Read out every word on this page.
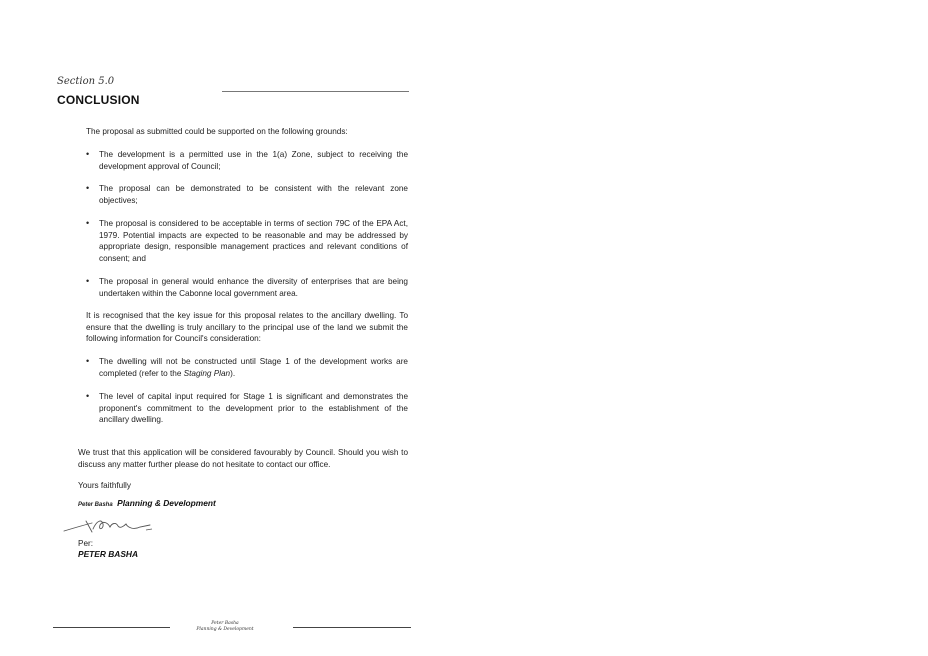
Section 5.0
CONCLUSION
The proposal as submitted could be supported on the following grounds:
•	The development is a permitted use in the 1(a) Zone, subject to receiving the development approval of Council;
•	The proposal can be demonstrated to be consistent with the relevant zone objectives;
•	The proposal is considered to be acceptable in terms of section 79C of the EPA Act, 1979. Potential impacts are expected to be reasonable and may be addressed by appropriate design, responsible management practices and relevant conditions of consent; and
•	The proposal in general would enhance the diversity of enterprises that are being undertaken within the Cabonne local government area.
It is recognised that the key issue for this proposal relates to the ancillary dwelling. To ensure that the dwelling is truly ancillary to the principal use of the land we submit the following information for Council's consideration:
•	The dwelling will not be constructed until Stage 1 of the development works are completed (refer to the Staging Plan).
•	The level of capital input required for Stage 1 is significant and demonstrates the proponent's commitment to the development prior to the establishment of the ancillary dwelling.
We trust that this application will be considered favourably by Council. Should you wish to discuss any matter further please do not hesitate to contact our office.
Yours faithfully
Peter Basha Planning & Development
Per:
PETER BASHA
Peter Basha
Planning & Development
